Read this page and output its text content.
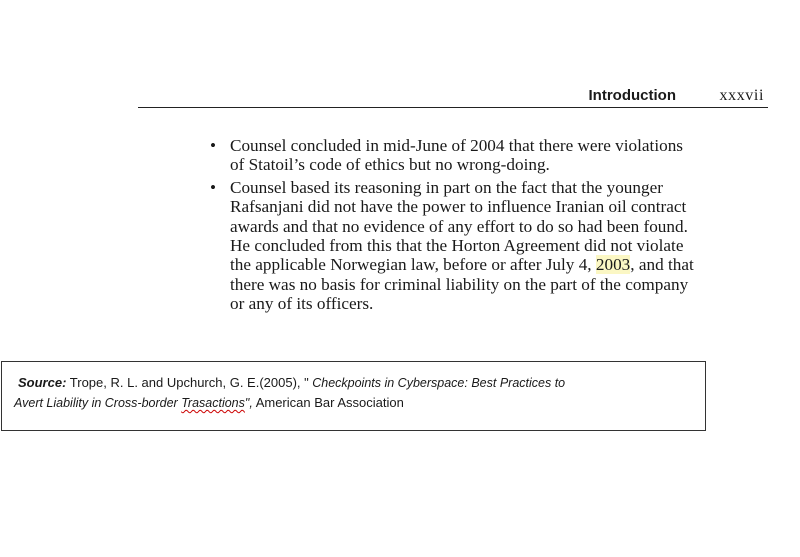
Introduction	xxxvii
• Counsel concluded in mid-June of 2004 that there were violations
of Statoil’s code of ethics but no wrong-doing.
• Counsel based its reasoning in part on the fact that the younger
Rafsanjani did not have the power to influence Iranian oil contract
awards and that no evidence of any effort to do so had been found.
He concluded from this that the Horton Agreement did not violate
the applicable Norwegian law, before or after July 4, 2003, and that
there was no basis for criminal liability on the part of the company
or any of its officers.
Source: Trope, R. L. and Upchurch, G. E.(2005), " Checkpoints in Cyberspace: Best Practices to
Avert Liability in Cross-border Trasactions", American Bar Association
